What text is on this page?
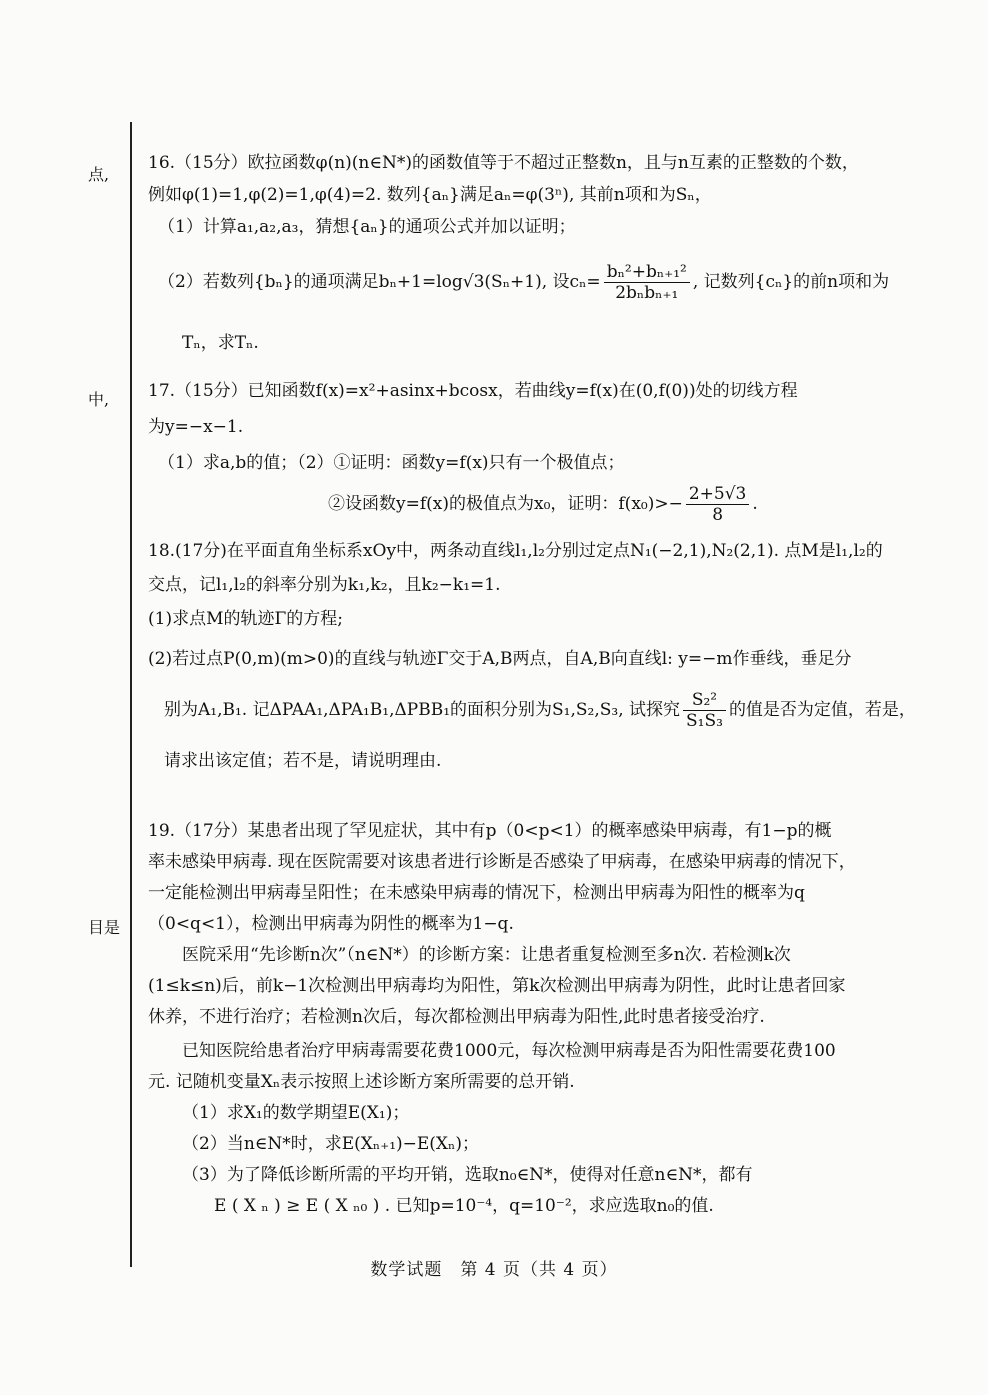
点,
中,
目是
16.（15分）欧拉函数φ(n)(n∈N*)的函数值等于不超过正整数n，且与n互素的正整数的个数，
例如φ(1)=1,φ(2)=1,φ(4)=2. 数列{aₙ}满足aₙ=φ(3ⁿ), 其前n项和为Sₙ，
（1）计算a₁,a₂,a₃，猜想{aₙ}的通项公式并加以证明；
（2）若数列{bₙ}的通项满足bₙ+1=log√3(Sₙ+1), 设$c_n= \frac{\text{bₙ²+bₙ₊₁²}}{\text{2bₙbₙ₊₁}}$ , 记数列{cₙ}的前n项和为
Tₙ，求Tₙ.
17.（15分）已知函数f(x)=x²+asinx+bcosx，若曲线y=f(x)在(0,f(0))处的切线方程
为y=−x−1.
（1）求a,b的值；（2）①证明：函数y=f(x)只有一个极值点；
②设函数y=f(x)的极值点为x₀，证明：$f(x_0)>- \frac{2+5√3}{8}$ .
18.(17分)在平面直角坐标系xOy中，两条动直线l₁,l₂分别过定点N₁(−2,1),N₂(2,1). 点M是l₁,l₂的
交点，记l₁,l₂的斜率分别为k₁,k₂，且k₂−k₁=1.
(1)求点M的轨迹Γ的方程;
(2)若过点P(0,m)(m>0)的直线与轨迹Γ交于A,B两点，自A,B向直线l: y=−m作垂线，垂足分
别为A₁,B₁. 记ΔPAA₁,ΔPA₁B₁,ΔPBB₁的面积分别为S₁,S₂,S₃, 试探究 $\frac{\text{S₂²}}{\text{S₁S₃}}$ 的值是否为定值，若是，
请求出该定值；若不是，请说明理由.
19.（17分）某患者出现了罕见症状，其中有p（0<p<1）的概率感染甲病毒，有1−p的概
率未感染甲病毒. 现在医院需要对该患者进行诊断是否感染了甲病毒，在感染甲病毒的情况下，
一定能检测出甲病毒呈阳性；在未感染甲病毒的情况下，检测出甲病毒为阳性的概率为q
（0<q<1），检测出甲病毒为阴性的概率为1−q.
医院采用“先诊断n次”（n∈N*）的诊断方案：让患者重复检测至多n次. 若检测k次
(1≤k≤n)后，前k−1次检测出甲病毒均为阳性，第k次检测出甲病毒为阴性，此时让患者回家
休养，不进行治疗；若检测n次后，每次都检测出甲病毒为阳性,此时患者接受治疗.
已知医院给患者治疗甲病毒需要花费1000元，每次检测甲病毒是否为阳性需要花费100
元. 记随机变量Xₙ表示按照上述诊断方案所需要的总开销.
（1）求X₁的数学期望E(X₁)；
（2）当n∈N*时，求E(Xₙ₊₁)−E(Xₙ)；
（3）为了降低诊断所需的平均开销，选取n₀∈N*，使得对任意n∈N*，都有
E ( X ₙ ) ≥ E ( X ₙ₀ ) . 已知p=10⁻⁴，q=10⁻²，求应选取n₀的值.
数学试题　第 4 页（共 4 页）
